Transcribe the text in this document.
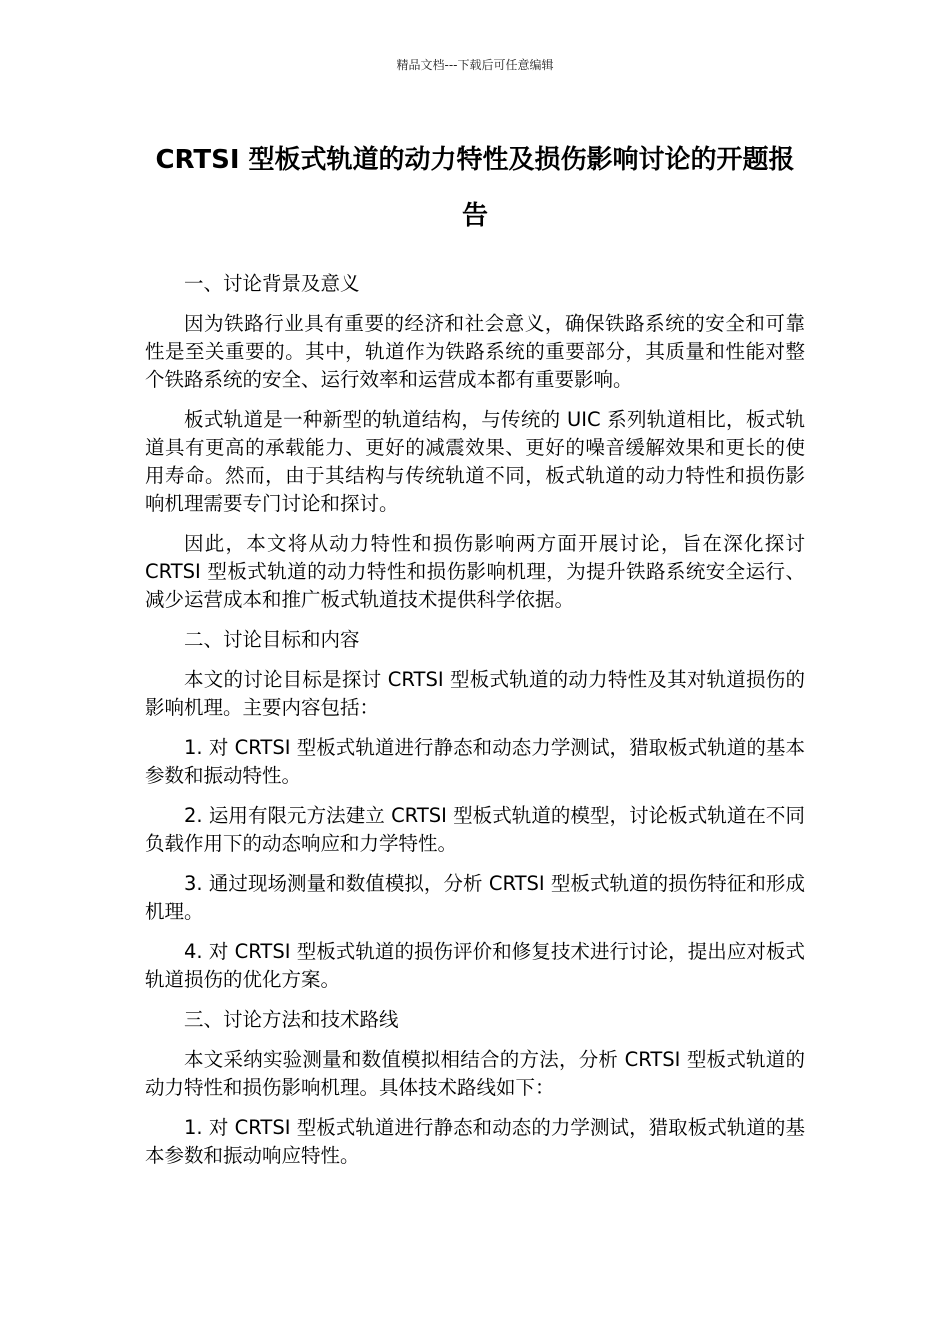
精品文档---下载后可任意编辑
CRTSI 型板式轨道的动力特性及损伤影响讨论的开题报告

一、讨论背景及意义

因为铁路行业具有重要的经济和社会意义，确保铁路系统的安全和可靠性是至关重要的。其中，轨道作为铁路系统的重要部分，其质量和性能对整个铁路系统的安全、运行效率和运营成本都有重要影响。

板式轨道是一种新型的轨道结构，与传统的 UIC 系列轨道相比，板式轨道具有更高的承载能力、更好的减震效果、更好的噪音缓解效果和更长的使用寿命。然而，由于其结构与传统轨道不同，板式轨道的动力特性和损伤影响机理需要专门讨论和探讨。

因此，本文将从动力特性和损伤影响两方面开展讨论，旨在深化探讨 CRTSI 型板式轨道的动力特性和损伤影响机理，为提升铁路系统安全运行、减少运营成本和推广板式轨道技术提供科学依据。

二、讨论目标和内容

本文的讨论目标是探讨 CRTSI 型板式轨道的动力特性及其对轨道损伤的影响机理。主要内容包括：

1. 对 CRTSI 型板式轨道进行静态和动态力学测试，猎取板式轨道的基本参数和振动特性。

2. 运用有限元方法建立 CRTSI 型板式轨道的模型，讨论板式轨道在不同负载作用下的动态响应和力学特性。

3. 通过现场测量和数值模拟，分析 CRTSI 型板式轨道的损伤特征和形成机理。

4. 对 CRTSI 型板式轨道的损伤评价和修复技术进行讨论，提出应对板式轨道损伤的优化方案。

三、讨论方法和技术路线

本文采纳实验测量和数值模拟相结合的方法，分析 CRTSI 型板式轨道的动力特性和损伤影响机理。具体技术路线如下：

1. 对 CRTSI 型板式轨道进行静态和动态的力学测试，猎取板式轨道的基本参数和振动响应特性。
